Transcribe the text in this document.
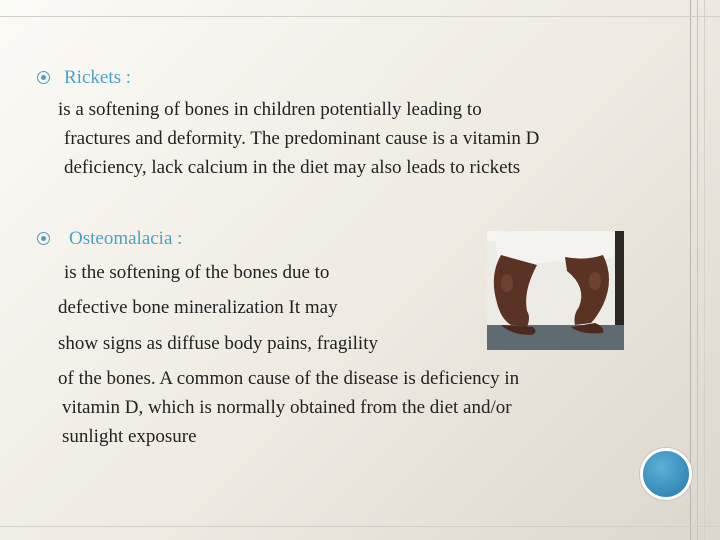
Rickets :
is a softening of bones in children potentially leading to
fractures and deformity. The predominant cause is a vitamin D
deficiency, lack calcium in the diet may also leads to rickets
Osteomalacia :
is the softening of the bones due to
defective bone mineralization It may
show signs as diffuse body pains, fragility
of the bones. A common cause of the disease is deficiency in
vitamin D, which is normally obtained from the diet and/or
sunlight exposure
